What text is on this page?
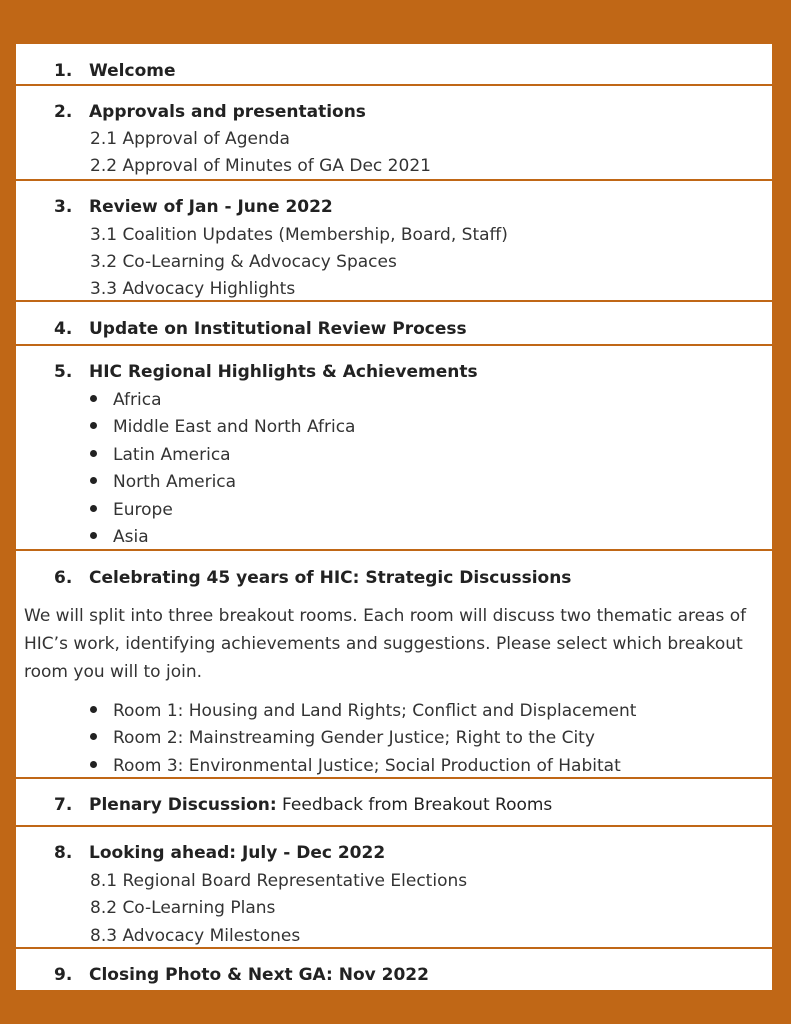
1. Welcome
2. Approvals and presentations
2.1 Approval of Agenda
2.2 Approval of Minutes of GA Dec 2021
3. Review of Jan - June 2022
3.1 Coalition Updates (Membership, Board, Staff)
3.2 Co-Learning & Advocacy Spaces
3.3 Advocacy Highlights
4. Update on Institutional Review Process
5. HIC Regional Highlights & Achievements
Africa
Middle East and North Africa
Latin America
North America
Europe
Asia
6. Celebrating 45 years of HIC: Strategic Discussions
We will split into three breakout rooms. Each room will discuss two thematic areas of HIC’s work, identifying achievements and suggestions. Please select which breakout room you will to join.
Room 1: Housing and Land Rights; Conflict and Displacement
Room 2: Mainstreaming Gender Justice; Right to the City
Room 3: Environmental Justice; Social Production of Habitat
7. Plenary Discussion: Feedback from Breakout Rooms
8. Looking ahead: July - Dec 2022
8.1 Regional Board Representative Elections
8.2 Co-Learning Plans
8.3 Advocacy Milestones
9. Closing Photo & Next GA: Nov 2022
